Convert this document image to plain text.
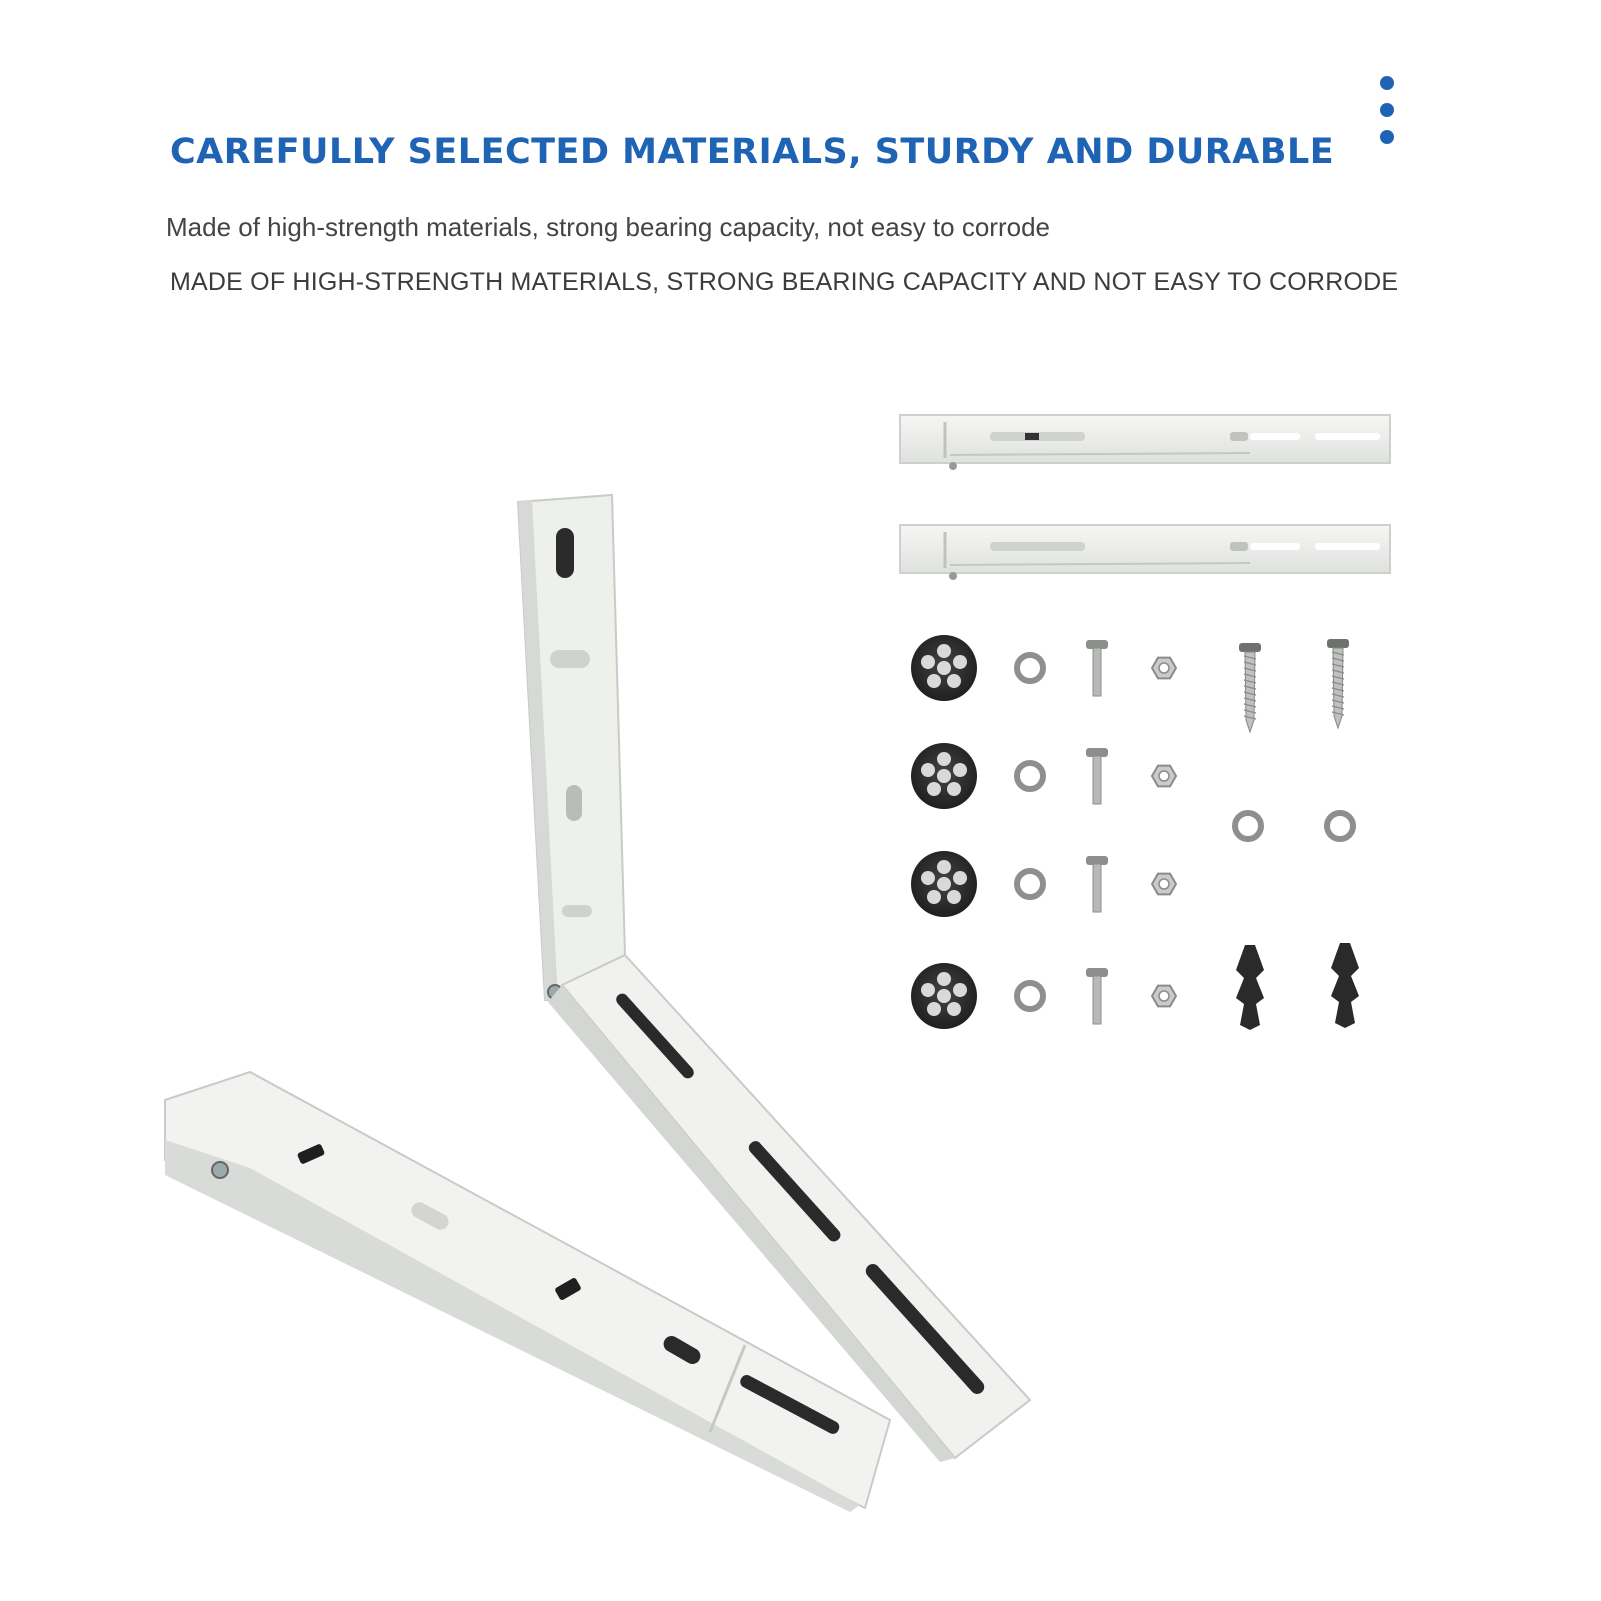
CAREFULLY SELECTED MATERIALS, STURDY AND DURABLE
Made of high-strength materials, strong bearing capacity, not easy to corrode
MADE OF HIGH-STRENGTH MATERIALS, STRONG BEARING CAPACITY AND NOT EASY TO CORRODE
